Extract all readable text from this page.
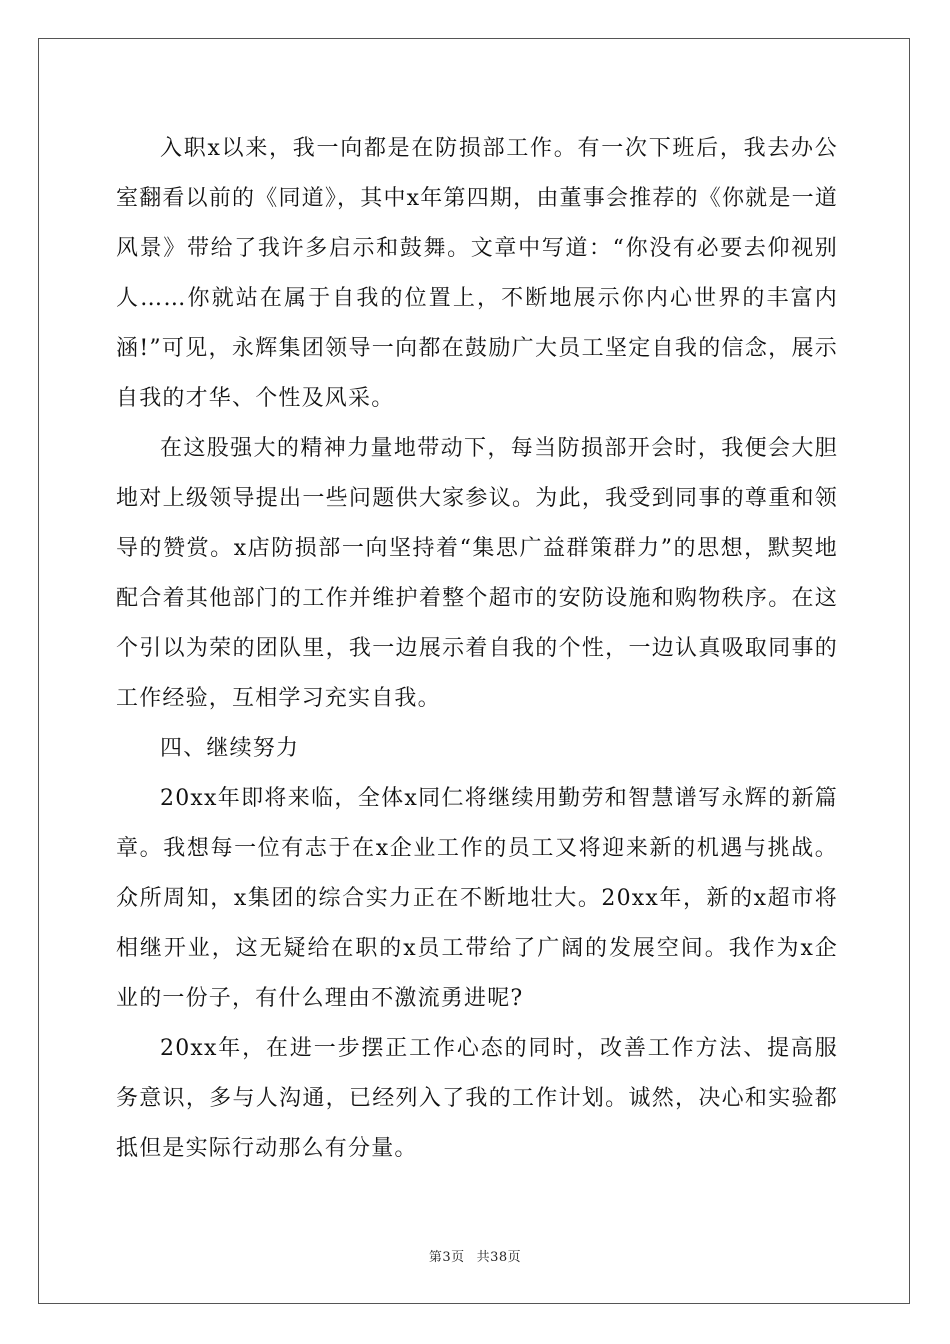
入职x以来，我一向都是在防损部工作。有一次下班后，我去办公室翻看以前的《同道》，其中x年第四期，由董事会推荐的《你就是一道风景》带给了我许多启示和鼓舞。文章中写道：“你没有必要去仰视别人……你就站在属于自我的位置上，不断地展示你内心世界的丰富内涵!”可见，永辉集团领导一向都在鼓励广大员工坚定自我的信念，展示自我的才华、个性及风采。

在这股强大的精神力量地带动下，每当防损部开会时，我便会大胆地对上级领导提出一些问题供大家参议。为此，我受到同事的尊重和领导的赞赏。x店防损部一向坚持着“集思广益群策群力”的思想，默契地配合着其他部门的工作并维护着整个超市的安防设施和购物秩序。在这个引以为荣的团队里，我一边展示着自我的个性，一边认真吸取同事的工作经验，互相学习充实自我。

四、继续努力

20xx年即将来临，全体x同仁将继续用勤劳和智慧谱写永辉的新篇章。我想每一位有志于在x企业工作的员工又将迎来新的机遇与挑战。众所周知，x集团的综合实力正在不断地壮大。20xx年，新的x超市将相继开业，这无疑给在职的x员工带给了广阔的发展空间。我作为x企业的一份子，有什么理由不激流勇进呢?

20xx年，在进一步摆正工作心态的同时，改善工作方法、提高服务意识，多与人沟通，已经列入了我的工作计划。诚然，决心和实验都抵但是实际行动那么有分量。

第3页 共38页
